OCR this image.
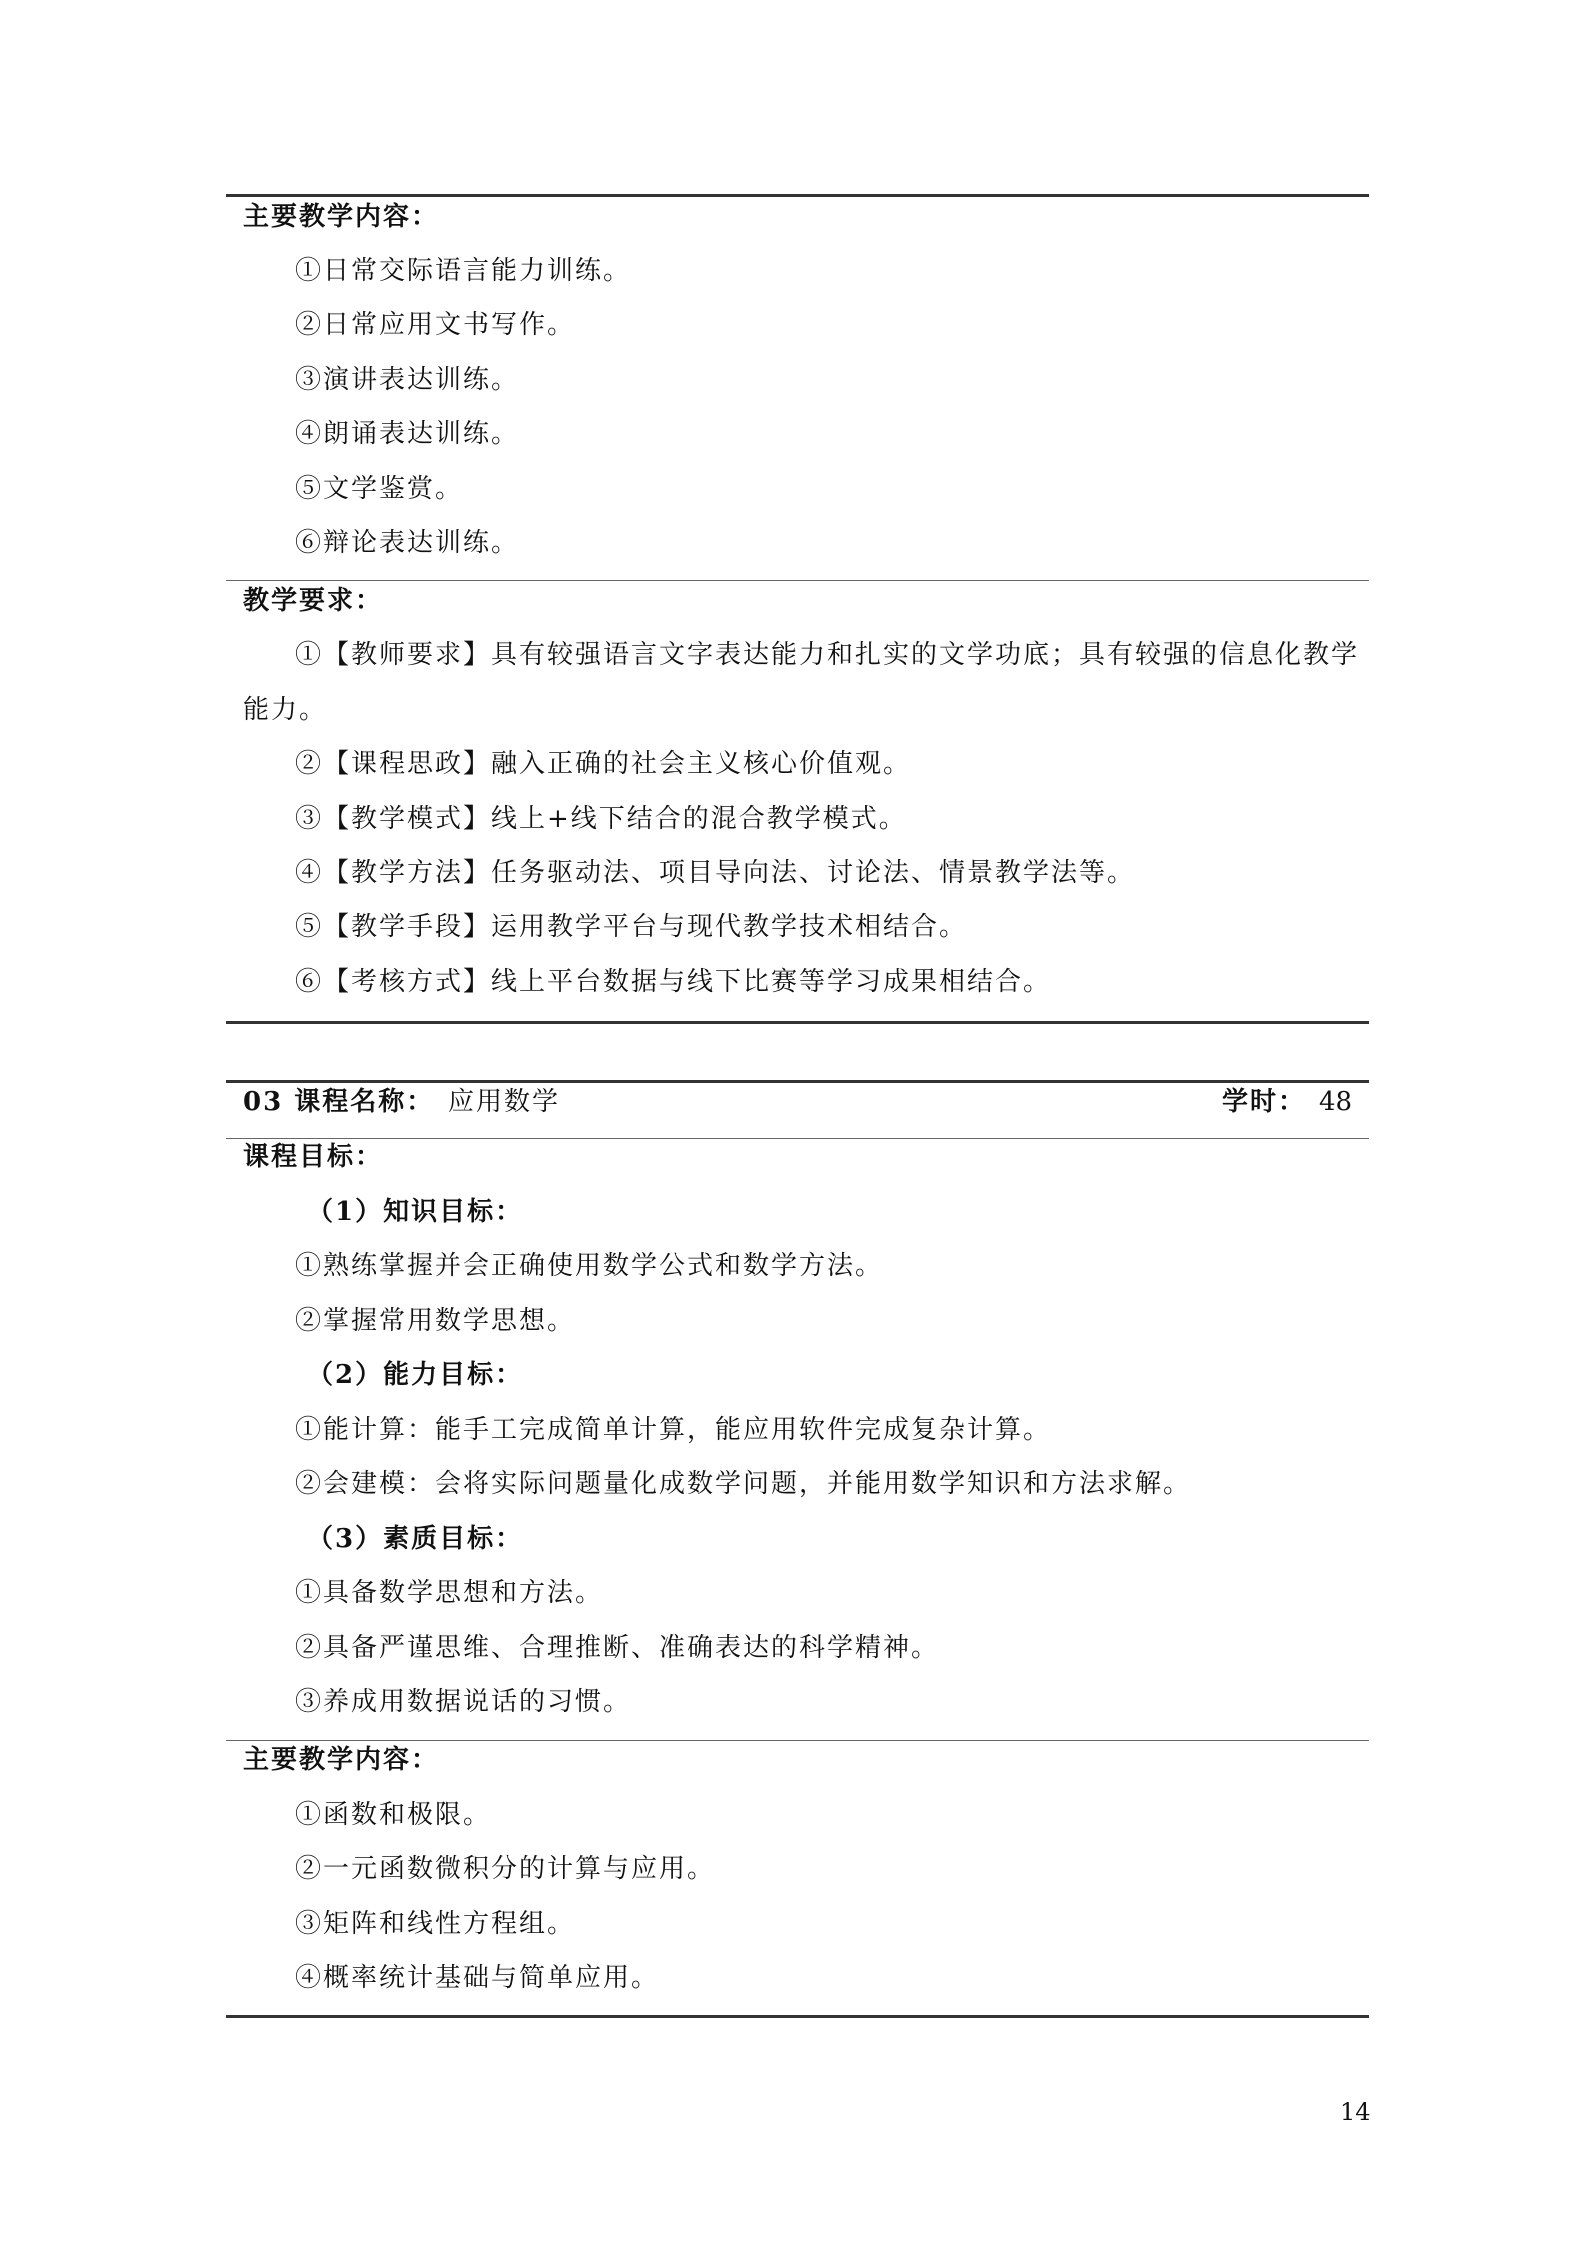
主要教学内容：
①日常交际语言能力训练。
②日常应用文书写作。
③演讲表达训练。
④朗诵表达训练。
⑤文学鉴赏。
⑥辩论表达训练。
教学要求：
①【教师要求】具有较强语言文字表达能力和扎实的文学功底；具有较强的信息化教学
能力。
②【课程思政】融入正确的社会主义核心价值观。
③【教学模式】线上+线下结合的混合教学模式。
④【教学方法】任务驱动法、项目导向法、讨论法、情景教学法等。
⑤【教学手段】运用教学平台与现代教学技术相结合。
⑥【考核方式】线上平台数据与线下比赛等学习成果相结合。
03 课程名称： 应用数学	学时： 48
课程目标：
（1）知识目标：
①熟练掌握并会正确使用数学公式和数学方法。
②掌握常用数学思想。
（2）能力目标：
①能计算：能手工完成简单计算，能应用软件完成复杂计算。
②会建模：会将实际问题量化成数学问题，并能用数学知识和方法求解。
（3）素质目标：
①具备数学思想和方法。
②具备严谨思维、合理推断、准确表达的科学精神。
③养成用数据说话的习惯。
主要教学内容：
①函数和极限。
②一元函数微积分的计算与应用。
③矩阵和线性方程组。
④概率统计基础与简单应用。
14
